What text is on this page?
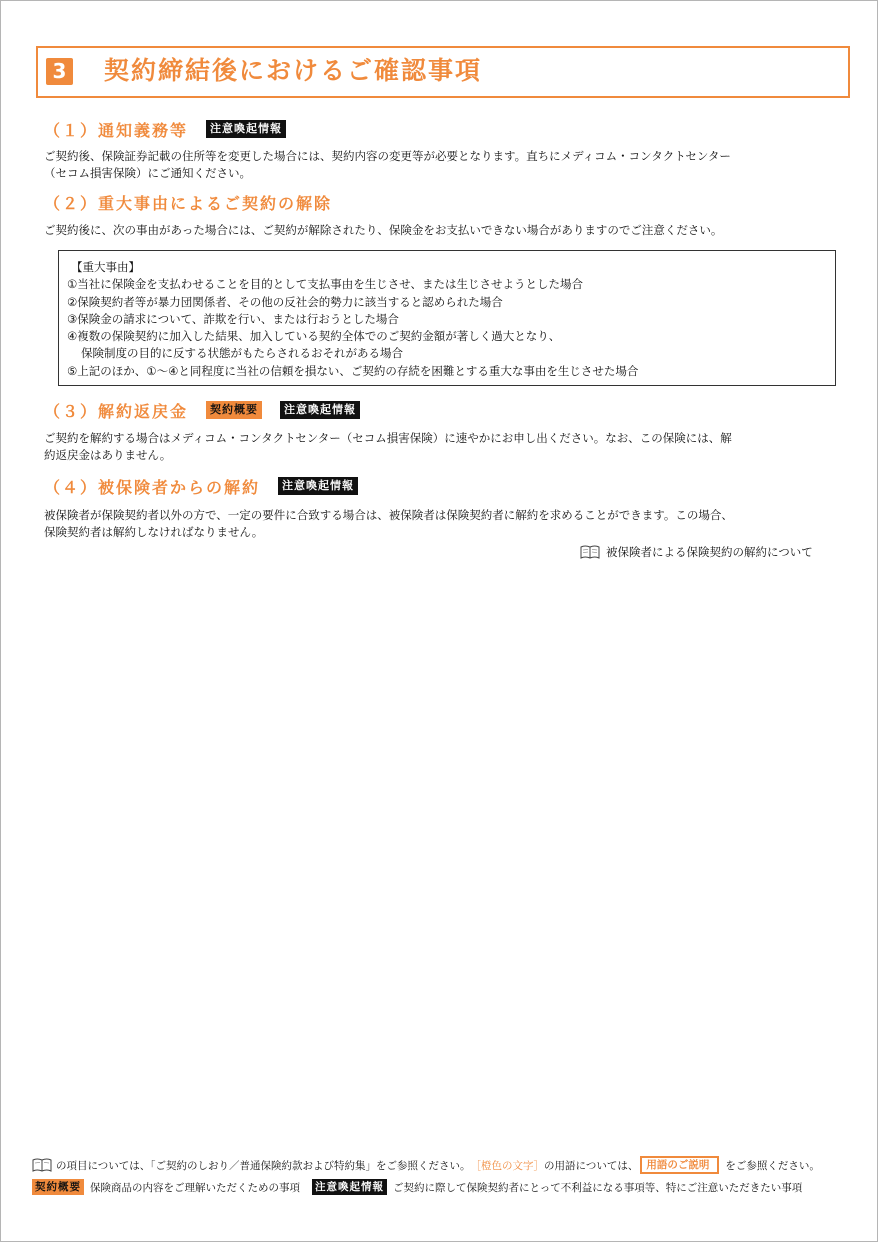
3 契約締結後におけるご確認事項
（１）通知義務等	注意喚起情報
ご契約後、保険証券記載の住所等を変更した場合には、契約内容の変更等が必要となります。直ちにメディコム・コンタクトセンター
（セコム損害保険）にご通知ください。
（２）重大事由によるご契約の解除
ご契約後に、次の事由があった場合には、ご契約が解除されたり、保険金をお支払いできない場合がありますのでご注意ください。
【重大事由】
①当社に保険金を支払わせることを目的として支払事由を生じさせ、または生じさせようとした場合
②保険契約者等が暴力団関係者、その他の反社会的勢力に該当すると認められた場合
③保険金の請求について、詐欺を行い、または行おうとした場合
④複数の保険契約に加入した結果、加入している契約全体でのご契約金額が著しく過大となり、
保険制度の目的に反する状態がもたらされるおそれがある場合
⑤上記のほか、①〜④と同程度に当社の信頼を損ない、ご契約の存続を困難とする重大な事由を生じさせた場合
（３）解約返戻金	契約概要	注意喚起情報
ご契約を解約する場合はメディコム・コンタクトセンター（セコム損害保険）に速やかにお申し出ください。なお、この保険には、解
約返戻金はありません。
（４）被保険者からの解約	注意喚起情報
被保険者が保険契約者以外の方で、一定の要件に合致する場合は、被保険者は保険契約者に解約を求めることができます。この場合、
保険契約者は解約しなければなりません。
被保険者による保険契約の解約について
の項目については、「ご契約のしおり／普通保険約款および特約集」をご参照ください。 ［橙色の文字］ の用語については、 用語のご説明	をご参照ください。
契約概要 保険商品の内容をご理解いただくための事項 注意喚起情報 ご契約に際して保険契約者にとって不利益になる事項等、特にご注意いただきたい事項
